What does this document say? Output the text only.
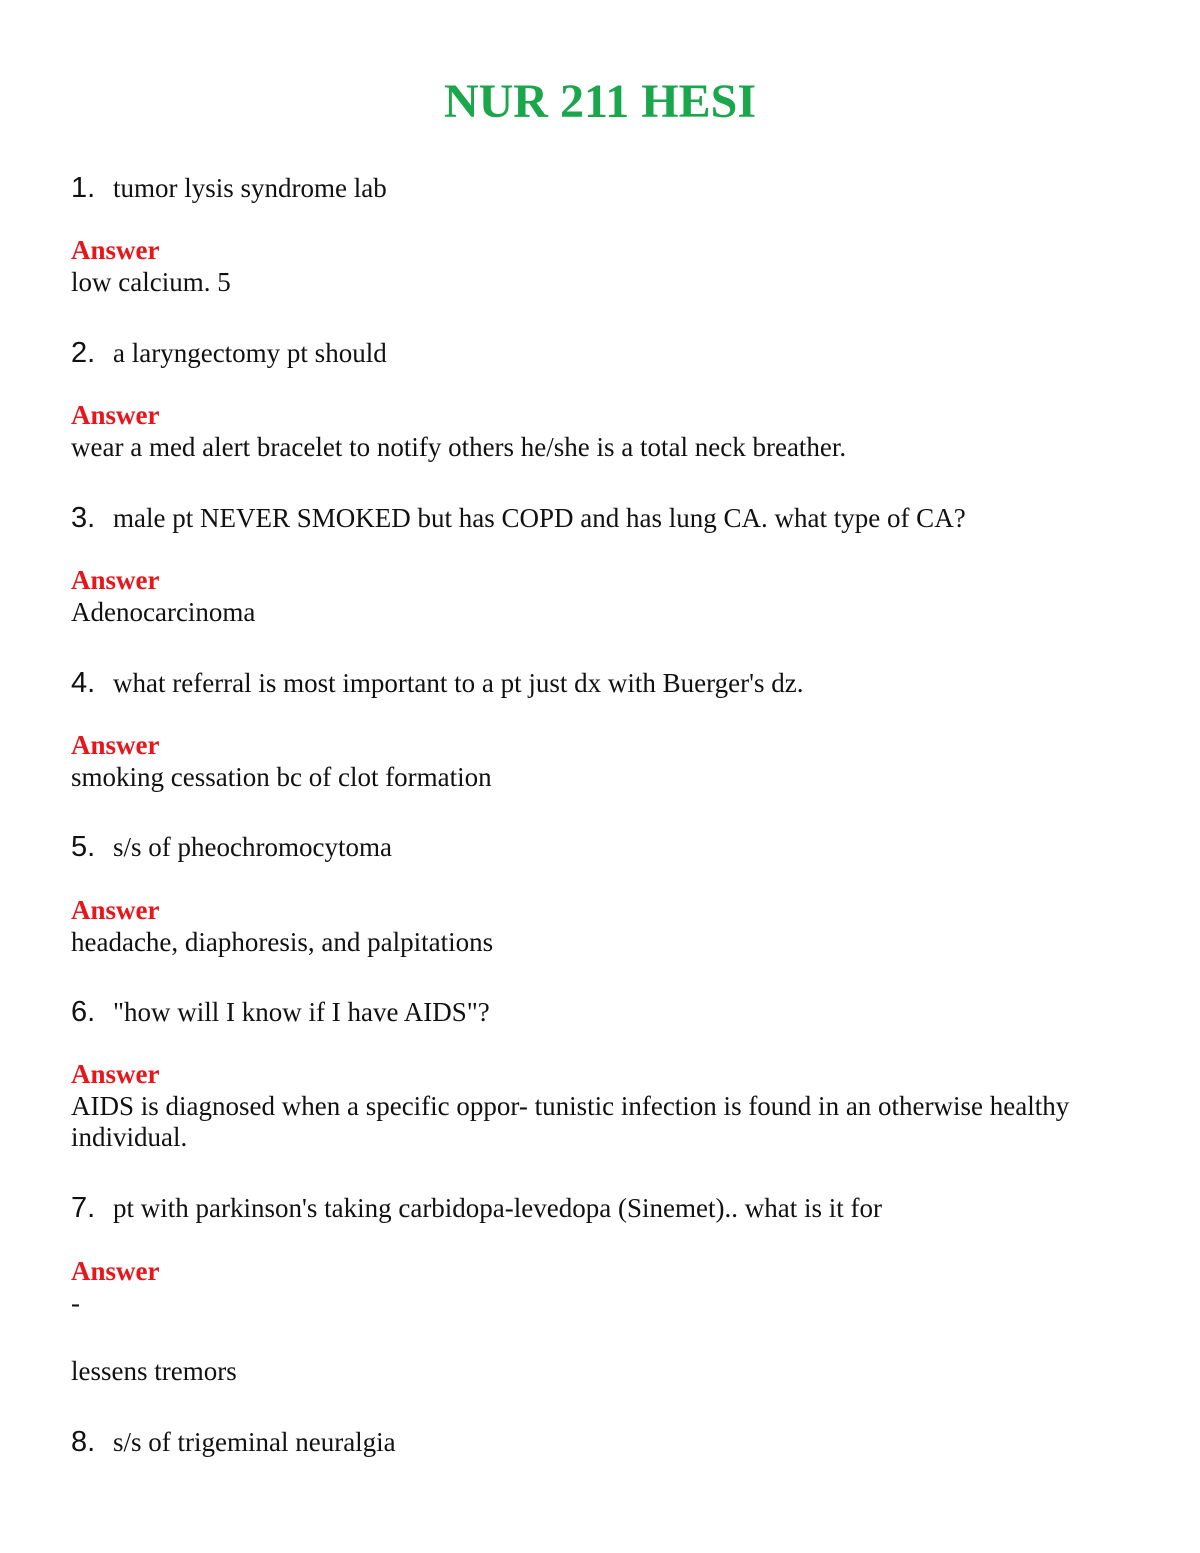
NUR 211 HESI
1. tumor lysis syndrome lab
Answer
low calcium. 5
2. a laryngectomy pt should
Answer
wear a med alert bracelet to notify others he/she is a total neck breather.
3. male pt NEVER SMOKED but has COPD and has lung CA. what type of CA?
Answer
Adenocarcinoma
4. what referral is most important to a pt just dx with Buerger's dz.
Answer
smoking cessation bc of clot formation
5. s/s of pheochromocytoma
Answer
headache, diaphoresis, and palpitations
6. "how will I know if I have AIDS"?
Answer
AIDS is diagnosed when a specific oppor- tunistic infection is found in an otherwise healthy individual.
7. pt with parkinson's taking carbidopa-levedopa (Sinemet).. what is it for
Answer
-
lessens tremors
8. s/s of trigeminal neuralgia
